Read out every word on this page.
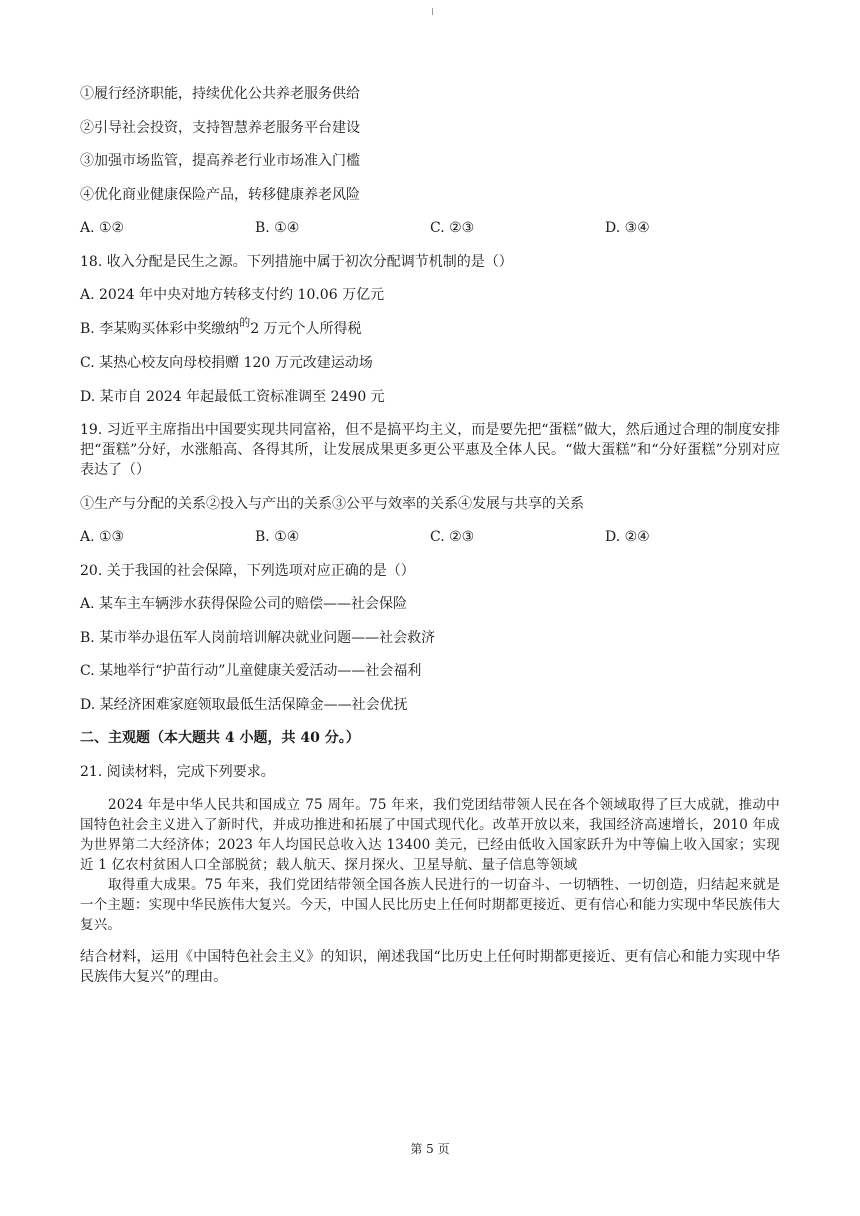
①履行经济职能，持续优化公共养老服务供给
②引导社会投资，支持智慧养老服务平台建设
③加强市场监管，提高养老行业市场准入门槛
④优化商业健康保险产品，转移健康养老风险
A. ①②	B. ①④	C. ②③	D. ③④
18. 收入分配是民生之源。下列措施中属于初次分配调节机制的是（）
A. 2024 年中央对地方转移支付约 10.06 万亿元
B. 李某购买体彩中奖缴纳$^的$2 万元个人所得税
C. 某热心校友向母校捐赠 120 万元改建运动场
D. 某市自 2024 年起最低工资标准调至 2490 元
19. 习近平主席指出中国要实现共同富裕，但不是搞平均主义，而是要先把“蛋糕”做大，然后通过合理的制度安排把“蛋糕”分好，水涨船高、各得其所，让发展成果更多更公平惠及全体人民。“做大蛋糕”和“分好蛋糕”分别对应表达了（）
①生产与分配的关系②投入与产出的关系③公平与效率的关系④发展与共享的关系
A. ①③	B. ①④	C. ②③	D. ②④
20. 关于我国的社会保障，下列选项对应正确的是（）
A. 某车主车辆涉水获得保险公司的赔偿——社会保险
B. 某市举办退伍军人岗前培训解决就业问题——社会救济
C. 某地举行“护苗行动”儿童健康关爱活动——社会福利
D. 某经济困难家庭领取最低生活保障金——社会优抚
二、主观题（本大题共 4 小题，共 40 分。）
21. 阅读材料，完成下列要求。

2024 年是中华人民共和国成立 75 周年。75 年来，我们党团结带领人民在各个领域取得了巨大成就，推动中国特色社会主义进入了新时代，并成功推进和拓展了中国式现代化。改革开放以来，我国经济高速增长，2010 年成为世界第二大经济体；2023 年人均国民总收入达 13400 美元，已经由低收入国家跃升为中等偏上收入国家；实现近 1 亿农村贫困人口全部脱贫；载人航天、探月探火、卫星导航、量子信息等领域

取得重大成果。75 年来，我们党团结带领全国各族人民进行的一切奋斗、一切牺牲、一切创造，归结起来就是一个主题：实现中华民族伟大复兴。今天，中国人民比历史上任何时期都更接近、更有信心和能力实现中华民族伟大复兴。

结合材料，运用《中国特色社会主义》的知识，阐述我国“比历史上任何时期都更接近、更有信心和能力实现中华民族伟大复兴”的理由。
第 5 页
